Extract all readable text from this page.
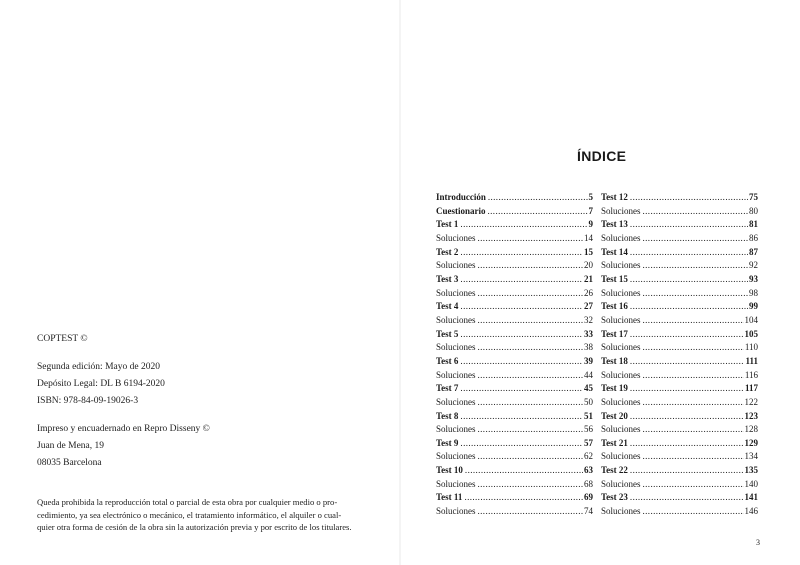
COPTEST ©
Segunda edición: Mayo de 2020
Depósito Legal: DL B 6194-2020
ISBN: 978-84-09-19026-3
Impreso y encuadernado en Repro Disseny ©
Juan de Mena, 19
08035 Barcelona
Queda prohibida la reproducción total o parcial de esta obra por cualquier medio o pro-
cedimiento, ya sea electrónico o mecánico, el tratamiento informático, el alquiler o cual-
quier otra forma de cesión de la obra sin la autorización previa y por escrito de los titulares.
ÍNDICE
Introducción .....	5
Cuestionario .....	7
Test 1 .....	9
Soluciones .....	14
Test 2 .....	15
Soluciones .....	20
Test 3 .....	21
Soluciones .....	26
Test 4 .....	27
Soluciones .....	32
Test 5 .....	33
Soluciones .....	38
Test 6 .....	39
Soluciones .....	44
Test 7 .....	45
Soluciones .....	50
Test 8 .....	51
Soluciones .....	56
Test 9 .....	57
Soluciones .....	62
Test 10 .....	63
Soluciones .....	68
Test 11 .....	69
Soluciones .....	74
Test 12 .....	75
Soluciones .....	80
Test 13 .....	81
Soluciones .....	86
Test 14 .....	87
Soluciones .....	92
Test 15 .....	93
Soluciones .....	98
Test 16 .....	99
Soluciones .....	104
Test 17 .....	105
Soluciones .....	110
Test 18 .....	111
Soluciones .....	116
Test 19 .....	117
Soluciones .....	122
Test 20 .....	123
Soluciones .....	128
Test 21 .....	129
Soluciones .....	134
Test 22 .....	135
Soluciones .....	140
Test 23 .....	141
Soluciones .....	146
3
